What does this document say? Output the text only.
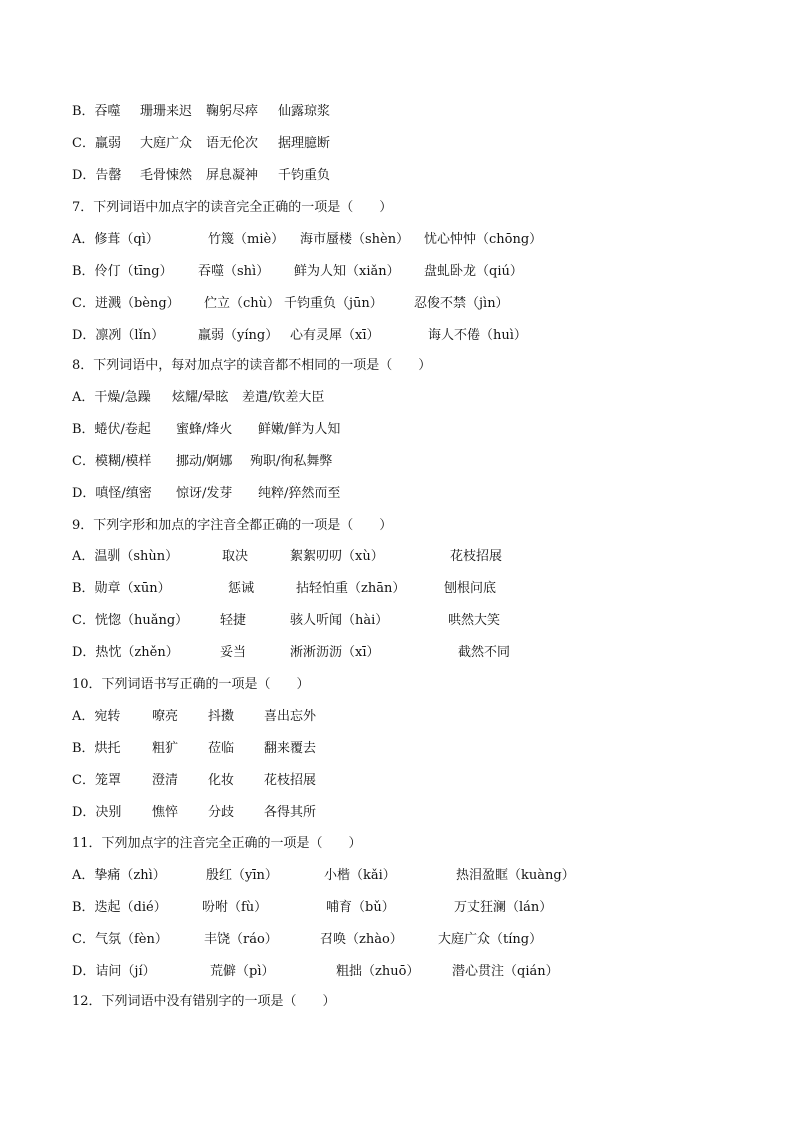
B．吞噬 珊珊来迟 鞠躬尽瘁 仙露琼浆
C．羸弱 大庭广众 语无伦次 据理臆断
D．告罄 毛骨悚然 屏息凝神 千钧重负
7．下列词语中加点字的读音完全正确的一项是（　　）
A．修葺（qì）	竹篾（miè） 海市蜃楼（shèn） 忧心忡忡（chōng）
B．伶仃（tīng） 吞噬（shì） 鲜为人知（xiǎn） 盘虬卧龙（qiú）
C．迸溅（bèng） 伫立（chù） 千钧重负（jūn） 忍俊不禁（jìn）
D．凛冽（lǐn）	羸弱（yíng） 心有灵犀（xī）	诲人不倦（huì）
8．下列词语中，每对加点字的读音都不相同的一项是（　　）
A．干燥/急躁 炫耀/晕眩 差遣/钦差大臣
B．蜷伏/卷起 蜜蜂/烽火 鲜嫩/鲜为人知
C．模糊/模样 挪动/婀娜 殉职/徇私舞弊
D．嗔怪/缜密 惊讶/发芽 纯粹/猝然而至
9．下列字形和加点的字注音全都正确的一项是（　　）
A．温驯（shùn）	取决	絮絮叨叨（xù）	花枝招展
B．勋章（xūn）	惩诫	拈轻怕重（zhān）	刨根问底
C．恍惚（huǎng） 轻捷	骇人听闻（hài）	哄然大笑
D．热忱（zhěn）	妥当	淅淅沥沥（xī）	截然不同
10．下列词语书写正确的一项是（　　）
A．宛转 嘹亮 抖擞 喜出忘外
B．烘托 粗犷 莅临 翻来覆去
C．笼罩 澄清 化妆 花枝招展
D．决别 憔悴 分歧 各得其所
11．下列加点字的注音完全正确的一项是（　　）
A．挚痛（zhì）	殷红（yīn）	小楷（kǎi）	热泪盈眶（kuàng）
B．迭起（dié）	吩咐（fù）	哺育（bǔ）	万丈狂澜（lán）
C．气氛（fèn）	丰饶（ráo）	召唤（zhào）	大庭广众（tíng）
D．诘问（jí）	荒僻（pì）	粗拙（zhuō）	潜心贯注（qián）
12．下列词语中没有错别字的一项是（　　）
